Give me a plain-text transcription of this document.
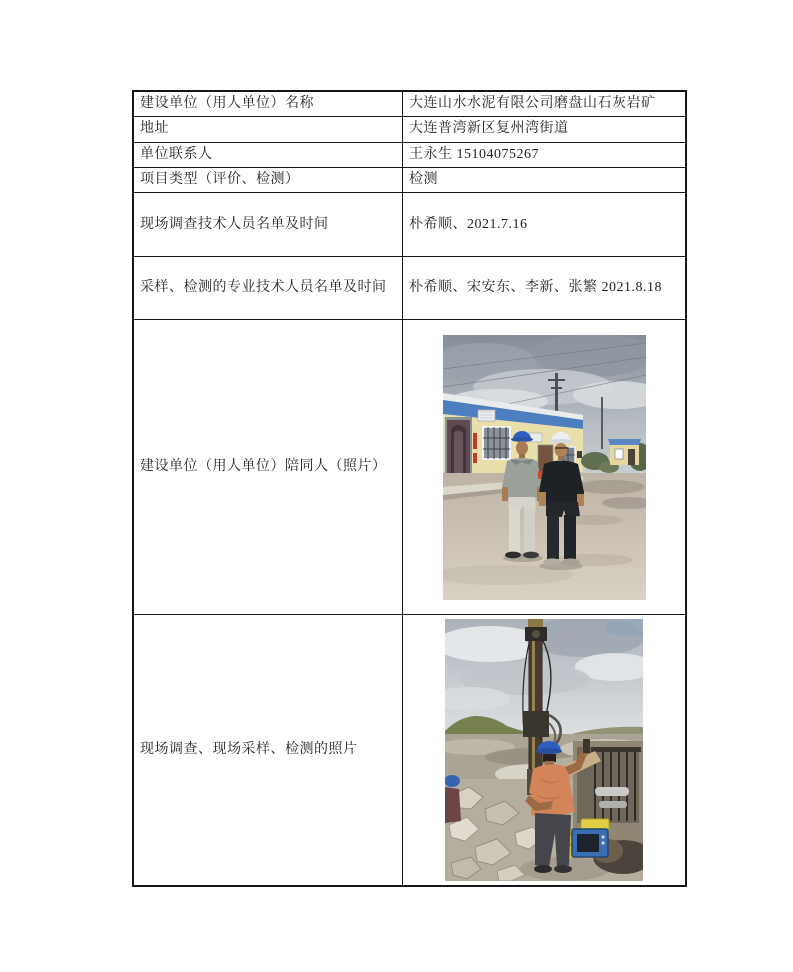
建设单位（用人单位）名称	大连山水水泥有限公司磨盘山石灰岩矿
地址	大连普湾新区复州湾街道
单位联系人	王永生 15104075267
项目类型（评价、检测）	检测
现场调查技术人员名单及时间	朴希顺、2021.7.16
采样、检测的专业技术人员名单及时间	朴希顺、宋安东、李新、张繁 2021.8.18
建设单位（用人单位）陪同人（照片）	

现场调查、现场采样、检测的照片	
